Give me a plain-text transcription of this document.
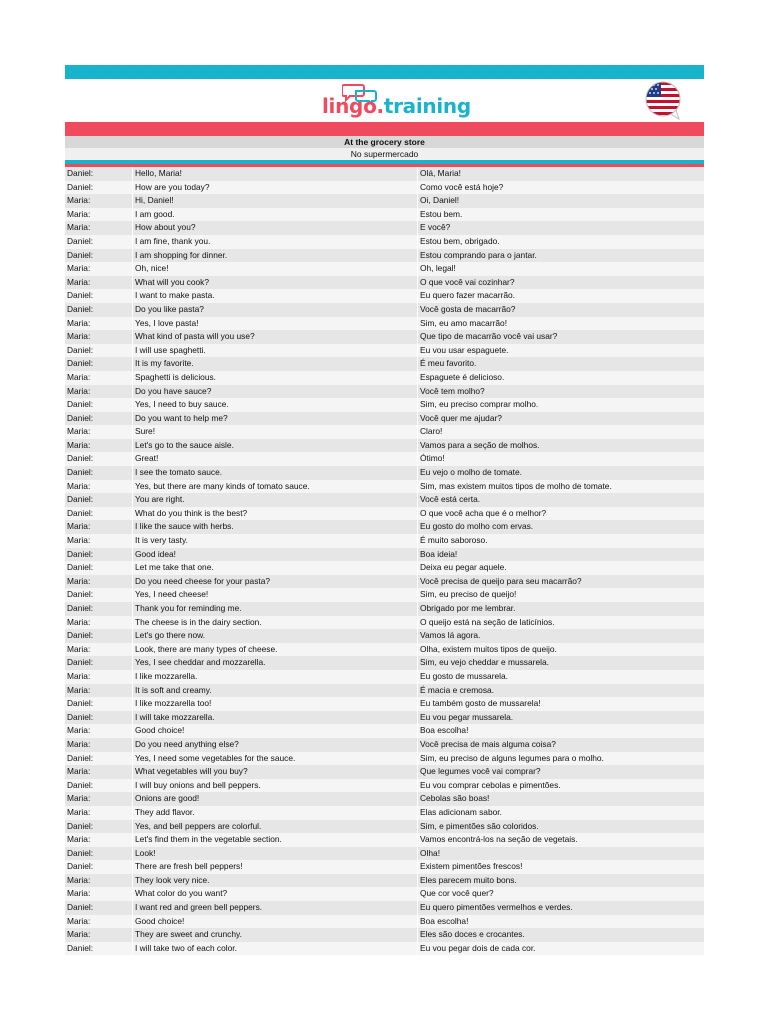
lingo.training
At the grocery store
No supermercado
Daniel:	Hello, Maria!	Olá, Maria!
Daniel:	How are you today?	Como você está hoje?
Maria:	Hi, Daniel!	Oi, Daniel!
Maria:	I am good.	Estou bem.
Maria:	How about you?	E você?
Daniel:	I am fine, thank you.	Estou bem, obrigado.
Daniel:	I am shopping for dinner.	Estou comprando para o jantar.
Maria:	Oh, nice!	Oh, legal!
Maria:	What will you cook?	O que você vai cozinhar?
Daniel:	I want to make pasta.	Eu quero fazer macarrão.
Daniel:	Do you like pasta?	Você gosta de macarrão?
Maria:	Yes, I love pasta!	Sim, eu amo macarrão!
Maria:	What kind of pasta will you use?	Que tipo de macarrão você vai usar?
Daniel:	I will use spaghetti.	Eu vou usar espaguete.
Daniel:	It is my favorite.	É meu favorito.
Maria:	Spaghetti is delicious.	Espaguete é delicioso.
Maria:	Do you have sauce?	Você tem molho?
Daniel:	Yes, I need to buy sauce.	Sim, eu preciso comprar molho.
Daniel:	Do you want to help me?	Você quer me ajudar?
Maria:	Sure!	Claro!
Maria:	Let's go to the sauce aisle.	Vamos para a seção de molhos.
Daniel:	Great!	Ótimo!
Daniel:	I see the tomato sauce.	Eu vejo o molho de tomate.
Maria:	Yes, but there are many kinds of tomato sauce.	Sim, mas existem muitos tipos de molho de tomate.
Daniel:	You are right.	Você está certa.
Daniel:	What do you think is the best?	O que você acha que é o melhor?
Maria:	I like the sauce with herbs.	Eu gosto do molho com ervas.
Maria:	It is very tasty.	É muito saboroso.
Daniel:	Good idea!	Boa ideia!
Daniel:	Let me take that one.	Deixa eu pegar aquele.
Maria:	Do you need cheese for your pasta?	Você precisa de queijo para seu macarrão?
Daniel:	Yes, I need cheese!	Sim, eu preciso de queijo!
Daniel:	Thank you for reminding me.	Obrigado por me lembrar.
Maria:	The cheese is in the dairy section.	O queijo está na seção de laticínios.
Daniel:	Let's go there now.	Vamos lá agora.
Maria:	Look, there are many types of cheese.	Olha, existem muitos tipos de queijo.
Daniel:	Yes, I see cheddar and mozzarella.	Sim, eu vejo cheddar e mussarela.
Maria:	I like mozzarella.	Eu gosto de mussarela.
Maria:	It is soft and creamy.	É macia e cremosa.
Daniel:	I like mozzarella too!	Eu também gosto de mussarela!
Daniel:	I will take mozzarella.	Eu vou pegar mussarela.
Maria:	Good choice!	Boa escolha!
Maria:	Do you need anything else?	Você precisa de mais alguma coisa?
Daniel:	Yes, I need some vegetables for the sauce.	Sim, eu preciso de alguns legumes para o molho.
Maria:	What vegetables will you buy?	Que legumes você vai comprar?
Daniel:	I will buy onions and bell peppers.	Eu vou comprar cebolas e pimentões.
Maria:	Onions are good!	Cebolas são boas!
Maria:	They add flavor.	Elas adicionam sabor.
Daniel:	Yes, and bell peppers are colorful.	Sim, e pimentões são coloridos.
Maria:	Let's find them in the vegetable section.	Vamos encontrá-los na seção de vegetais.
Daniel:	Look!	Olha!
Daniel:	There are fresh bell peppers!	Existem pimentões frescos!
Maria:	They look very nice.	Eles parecem muito bons.
Maria:	What color do you want?	Que cor você quer?
Daniel:	I want red and green bell peppers.	Eu quero pimentões vermelhos e verdes.
Maria:	Good choice!	Boa escolha!
Maria:	They are sweet and crunchy.	Eles são doces e crocantes.
Daniel:	I will take two of each color.	Eu vou pegar dois de cada cor.
